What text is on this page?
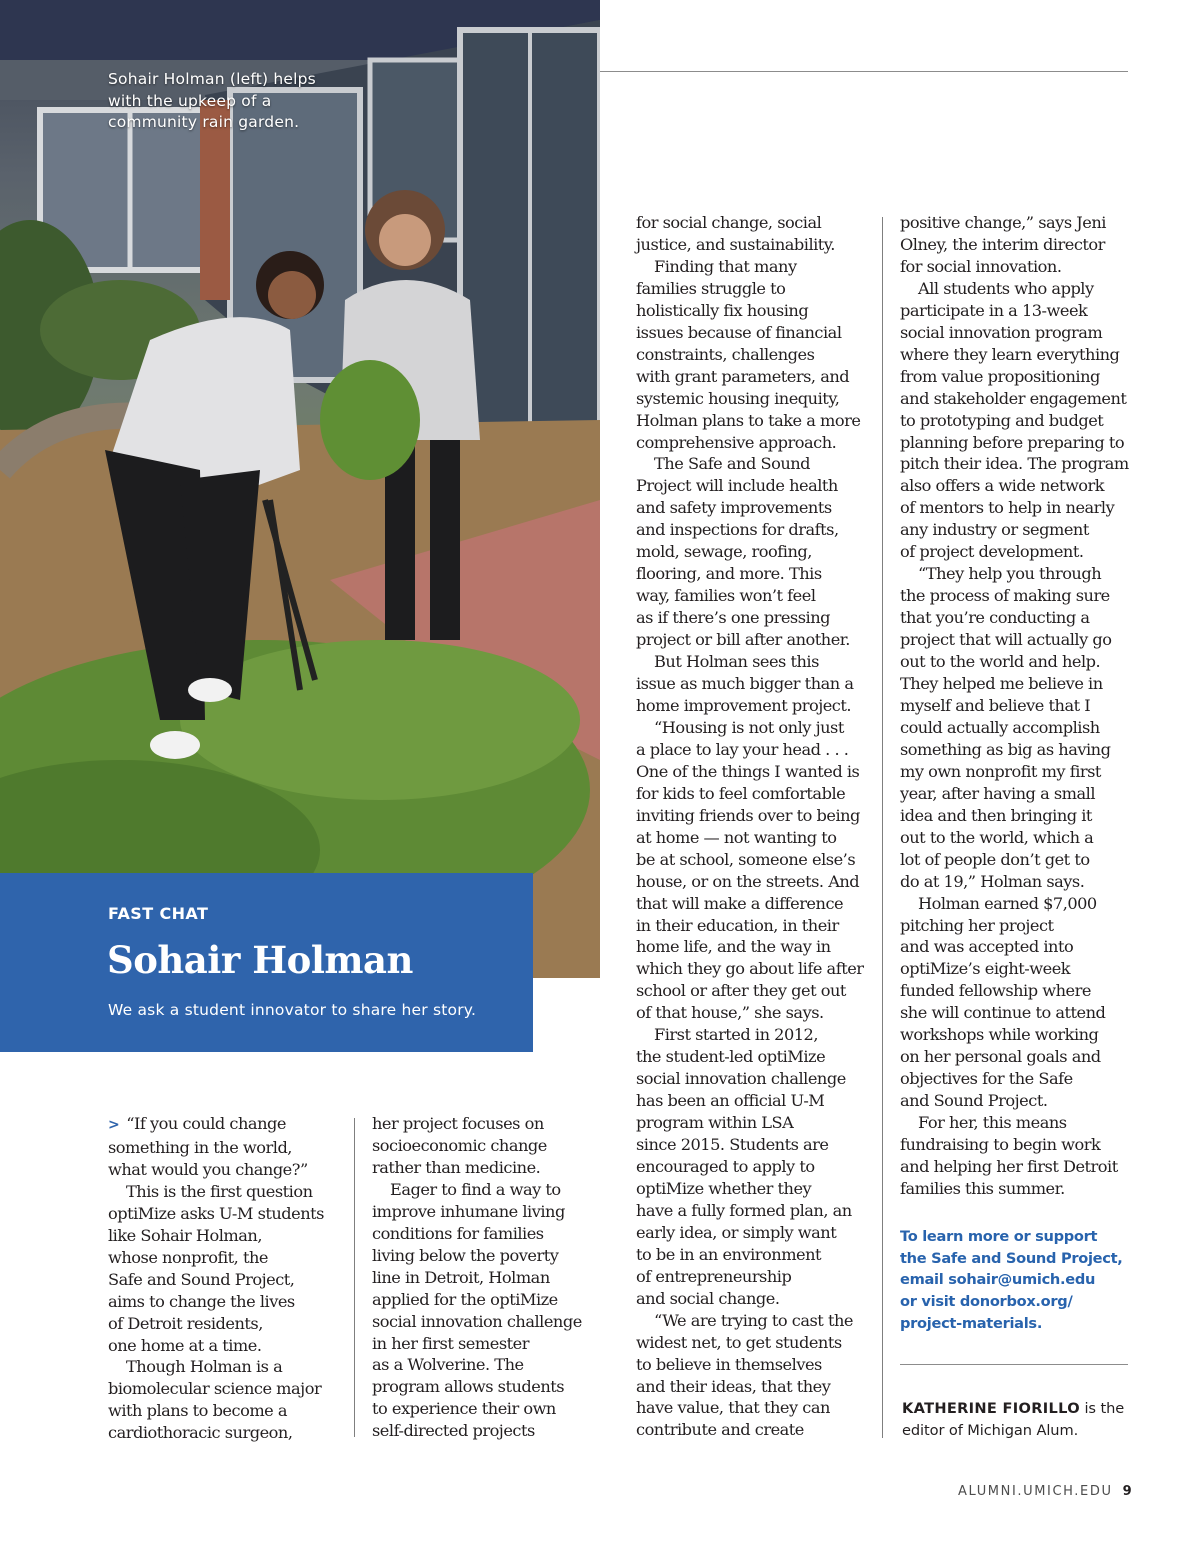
Sohair Holman (left) helps
with the upkeep of a
community rain garden.
FAST CHAT
Sohair Holman
We ask a student innovator to share her story.

> “If you could change
something in the world,
what would you change?”

This is the first question
optiMize asks U-M students
like Sohair Holman,
whose nonprofit, the
Safe and Sound Project,
aims to change the lives
of Detroit residents,
one home at a time.

Though Holman is a
biomolecular science major
with plans to become a
cardiothoracic surgeon,

her project focuses on
socioeconomic change
rather than medicine.

Eager to find a way to
improve inhumane living
conditions for families
living below the poverty
line in Detroit, Holman
applied for the optiMize
social innovation challenge
in her first semester
as a Wolverine. The
program allows students
to experience their own
self-directed projects

for social change, social
justice, and sustainability.

Finding that many
families struggle to
holistically fix housing
issues because of financial
constraints, challenges
with grant parameters, and
systemic housing inequity,
Holman plans to take a more
comprehensive approach.

The Safe and Sound
Project will include health
and safety improvements
and inspections for drafts,
mold, sewage, roofing,
flooring, and more. This
way, families won’t feel
as if there’s one pressing
project or bill after another.

But Holman sees this
issue as much bigger than a
home improvement project.

“Housing is not only just
a place to lay your head . . .
One of the things I wanted is
for kids to feel comfortable
inviting friends over to being
at home — not wanting to
be at school, someone else’s
house, or on the streets. And
that will make a difference
in their education, in their
home life, and the way in
which they go about life after
school or after they get out
of that house,” she says.

First started in 2012,
the student-led optiMize
social innovation challenge
has been an official U-M
program within LSA
since 2015. Students are
encouraged to apply to
optiMize whether they
have a fully formed plan, an
early idea, or simply want
to be in an environment
of entrepreneurship
and social change.

“We are trying to cast the
widest net, to get students
to believe in themselves
and their ideas, that they
have value, that they can
contribute and create

positive change,” says Jeni
Olney, the interim director
for social innovation.

All students who apply
participate in a 13-week
social innovation program
where they learn everything
from value propositioning
and stakeholder engagement
to prototyping and budget
planning before preparing to
pitch their idea. The program
also offers a wide network
of mentors to help in nearly
any industry or segment
of project development.

“They help you through
the process of making sure
that you’re conducting a
project that will actually go
out to the world and help.
They helped me believe in
myself and believe that I
could actually accomplish
something as big as having
my own nonprofit my first
year, after having a small
idea and then bringing it
out to the world, which a
lot of people don’t get to
do at 19,” Holman says.

Holman earned $7,000
pitching her project
and was accepted into
optiMize’s eight-week
funded fellowship where
she will continue to attend
workshops while working
on her personal goals and
objectives for the Safe
and Sound Project.

For her, this means
fundraising to begin work
and helping her first Detroit
families this summer.

To learn more or support
the Safe and Sound Project,
email sohair@umich.edu
or visit donorbox.org/
project-materials.
KATHERINE FIORILLO is the
editor of Michigan Alum.
ALUMNI.UMICH.EDU 9
